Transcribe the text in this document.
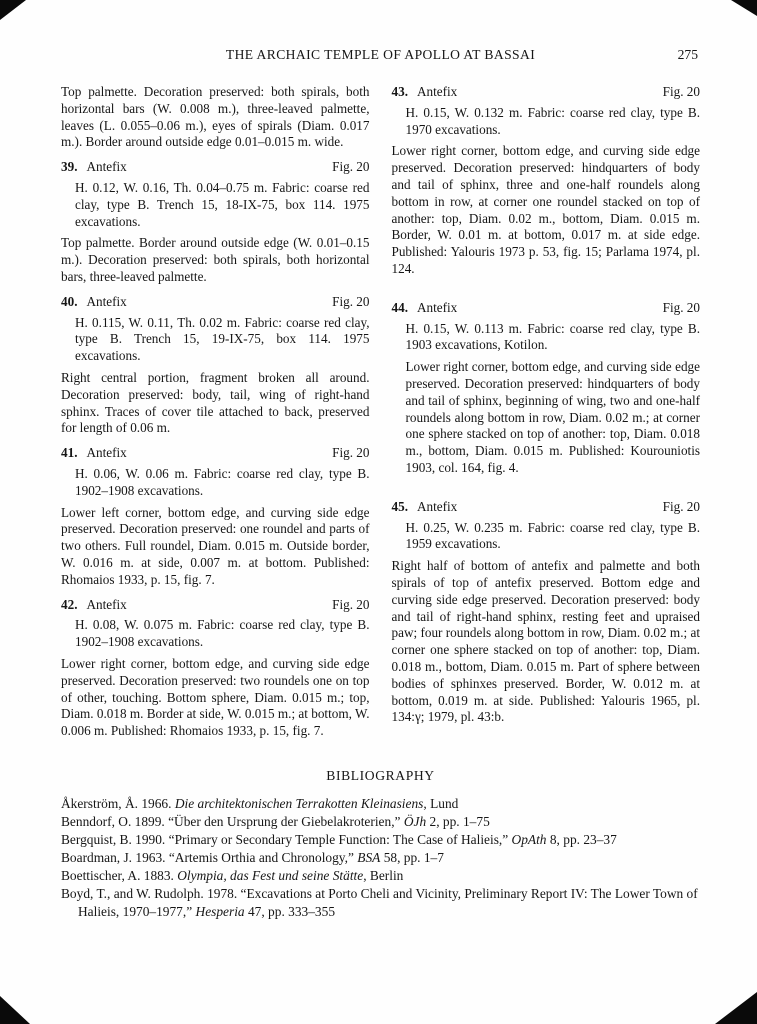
THE ARCHAIC TEMPLE OF APOLLO AT BASSAI	275

Top palmette. Decoration preserved: both spirals, both horizontal bars (W. 0.008 m.), three-leaved palmette, leaves (L. 0.055–0.06 m.), eyes of spirals (Diam. 0.017 m.). Border around outside edge 0.01–0.015 m. wide.

39. Antefix	Fig. 20

H. 0.12, W. 0.16, Th. 0.04–0.75 m. Fabric: coarse red clay, type B. Trench 15, 18-IX-75, box 114. 1975 excavations.

Top palmette. Border around outside edge (W. 0.01–0.15 m.). Decoration preserved: both spirals, both horizontal bars, three-leaved palmette.

40. Antefix	Fig. 20

H. 0.115, W. 0.11, Th. 0.02 m. Fabric: coarse red clay, type B. Trench 15, 19-IX-75, box 114. 1975 excavations.

Right central portion, fragment broken all around. Decoration preserved: body, tail, wing of right-hand sphinx. Traces of cover tile attached to back, preserved for length of 0.06 m.

41. Antefix	Fig. 20

H. 0.06, W. 0.06 m. Fabric: coarse red clay, type B. 1902–1908 excavations.

Lower left corner, bottom edge, and curving side edge preserved. Decoration preserved: one roundel and parts of two others. Full roundel, Diam. 0.015 m. Outside border, W. 0.016 m. at side, 0.007 m. at bottom. Published: Rhomaios 1933, p. 15, fig. 7.

42. Antefix	Fig. 20

H. 0.08, W. 0.075 m. Fabric: coarse red clay, type B. 1902–1908 excavations.

Lower right corner, bottom edge, and curving side edge preserved. Decoration preserved: two roundels one on top of other, touching. Bottom sphere, Diam. 0.015 m.; top, Diam. 0.018 m. Border at side, W. 0.015 m.; at bottom, W. 0.006 m. Published: Rhomaios 1933, p. 15, fig. 7.

43. Antefix	Fig. 20

H. 0.15, W. 0.132 m. Fabric: coarse red clay, type B. 1970 excavations.

Lower right corner, bottom edge, and curving side edge preserved. Decoration preserved: hindquarters of body and tail of sphinx, three and one-half roundels along bottom in row, at corner one roundel stacked on top of another: top, Diam. 0.02 m., bottom, Diam. 0.015 m. Border, W. 0.01 m. at bottom, 0.017 m. at side edge. Published: Yalouris 1973 p. 53, fig. 15; Parlama 1974, pl. 124.

44. Antefix	Fig. 20

H. 0.15, W. 0.113 m. Fabric: coarse red clay, type B. 1903 excavations, Kotilon.

Lower right corner, bottom edge, and curving side edge preserved. Decoration preserved: hindquarters of body and tail of sphinx, beginning of wing, two and one-half roundels along bottom in row, Diam. 0.02 m.; at corner one sphere stacked on top of another: top, Diam. 0.018 m., bottom, Diam. 0.015 m. Published: Kourouniotis 1903, col. 164, fig. 4.

45. Antefix	Fig. 20

H. 0.25, W. 0.235 m. Fabric: coarse red clay, type B. 1959 excavations.

Right half of bottom of antefix and palmette and both spirals of top of antefix preserved. Bottom edge and curving side edge preserved. Decoration preserved: body and tail of right-hand sphinx, resting feet and upraised paw; four roundels along bottom in row, Diam. 0.02 m.; at corner one sphere stacked on top of another: top, Diam. 0.018 m., bottom, Diam. 0.015 m. Part of sphere between bodies of sphinxes preserved. Border, W. 0.012 m. at bottom, 0.019 m. at side. Published: Yalouris 1965, pl. 134:γ; 1979, pl. 43:b.

BIBLIOGRAPHY

Åkerström, Å. 1966. Die architektonischen Terrakotten Kleinasiens, Lund

Benndorf, O. 1899. “Über den Ursprung der Giebelakroterien,” ÖJh 2, pp. 1–75

Bergquist, B. 1990. “Primary or Secondary Temple Function: The Case of Halieis,” OpAth 8, pp. 23–37

Boardman, J. 1963. “Artemis Orthia and Chronology,” BSA 58, pp. 1–7

Boettischer, A. 1883. Olympia, das Fest und seine Stätte, Berlin

Boyd, T., and W. Rudolph. 1978. “Excavations at Porto Cheli and Vicinity, Preliminary Report IV: The Lower Town of Halieis, 1970–1977,” Hesperia 47, pp. 333–355
